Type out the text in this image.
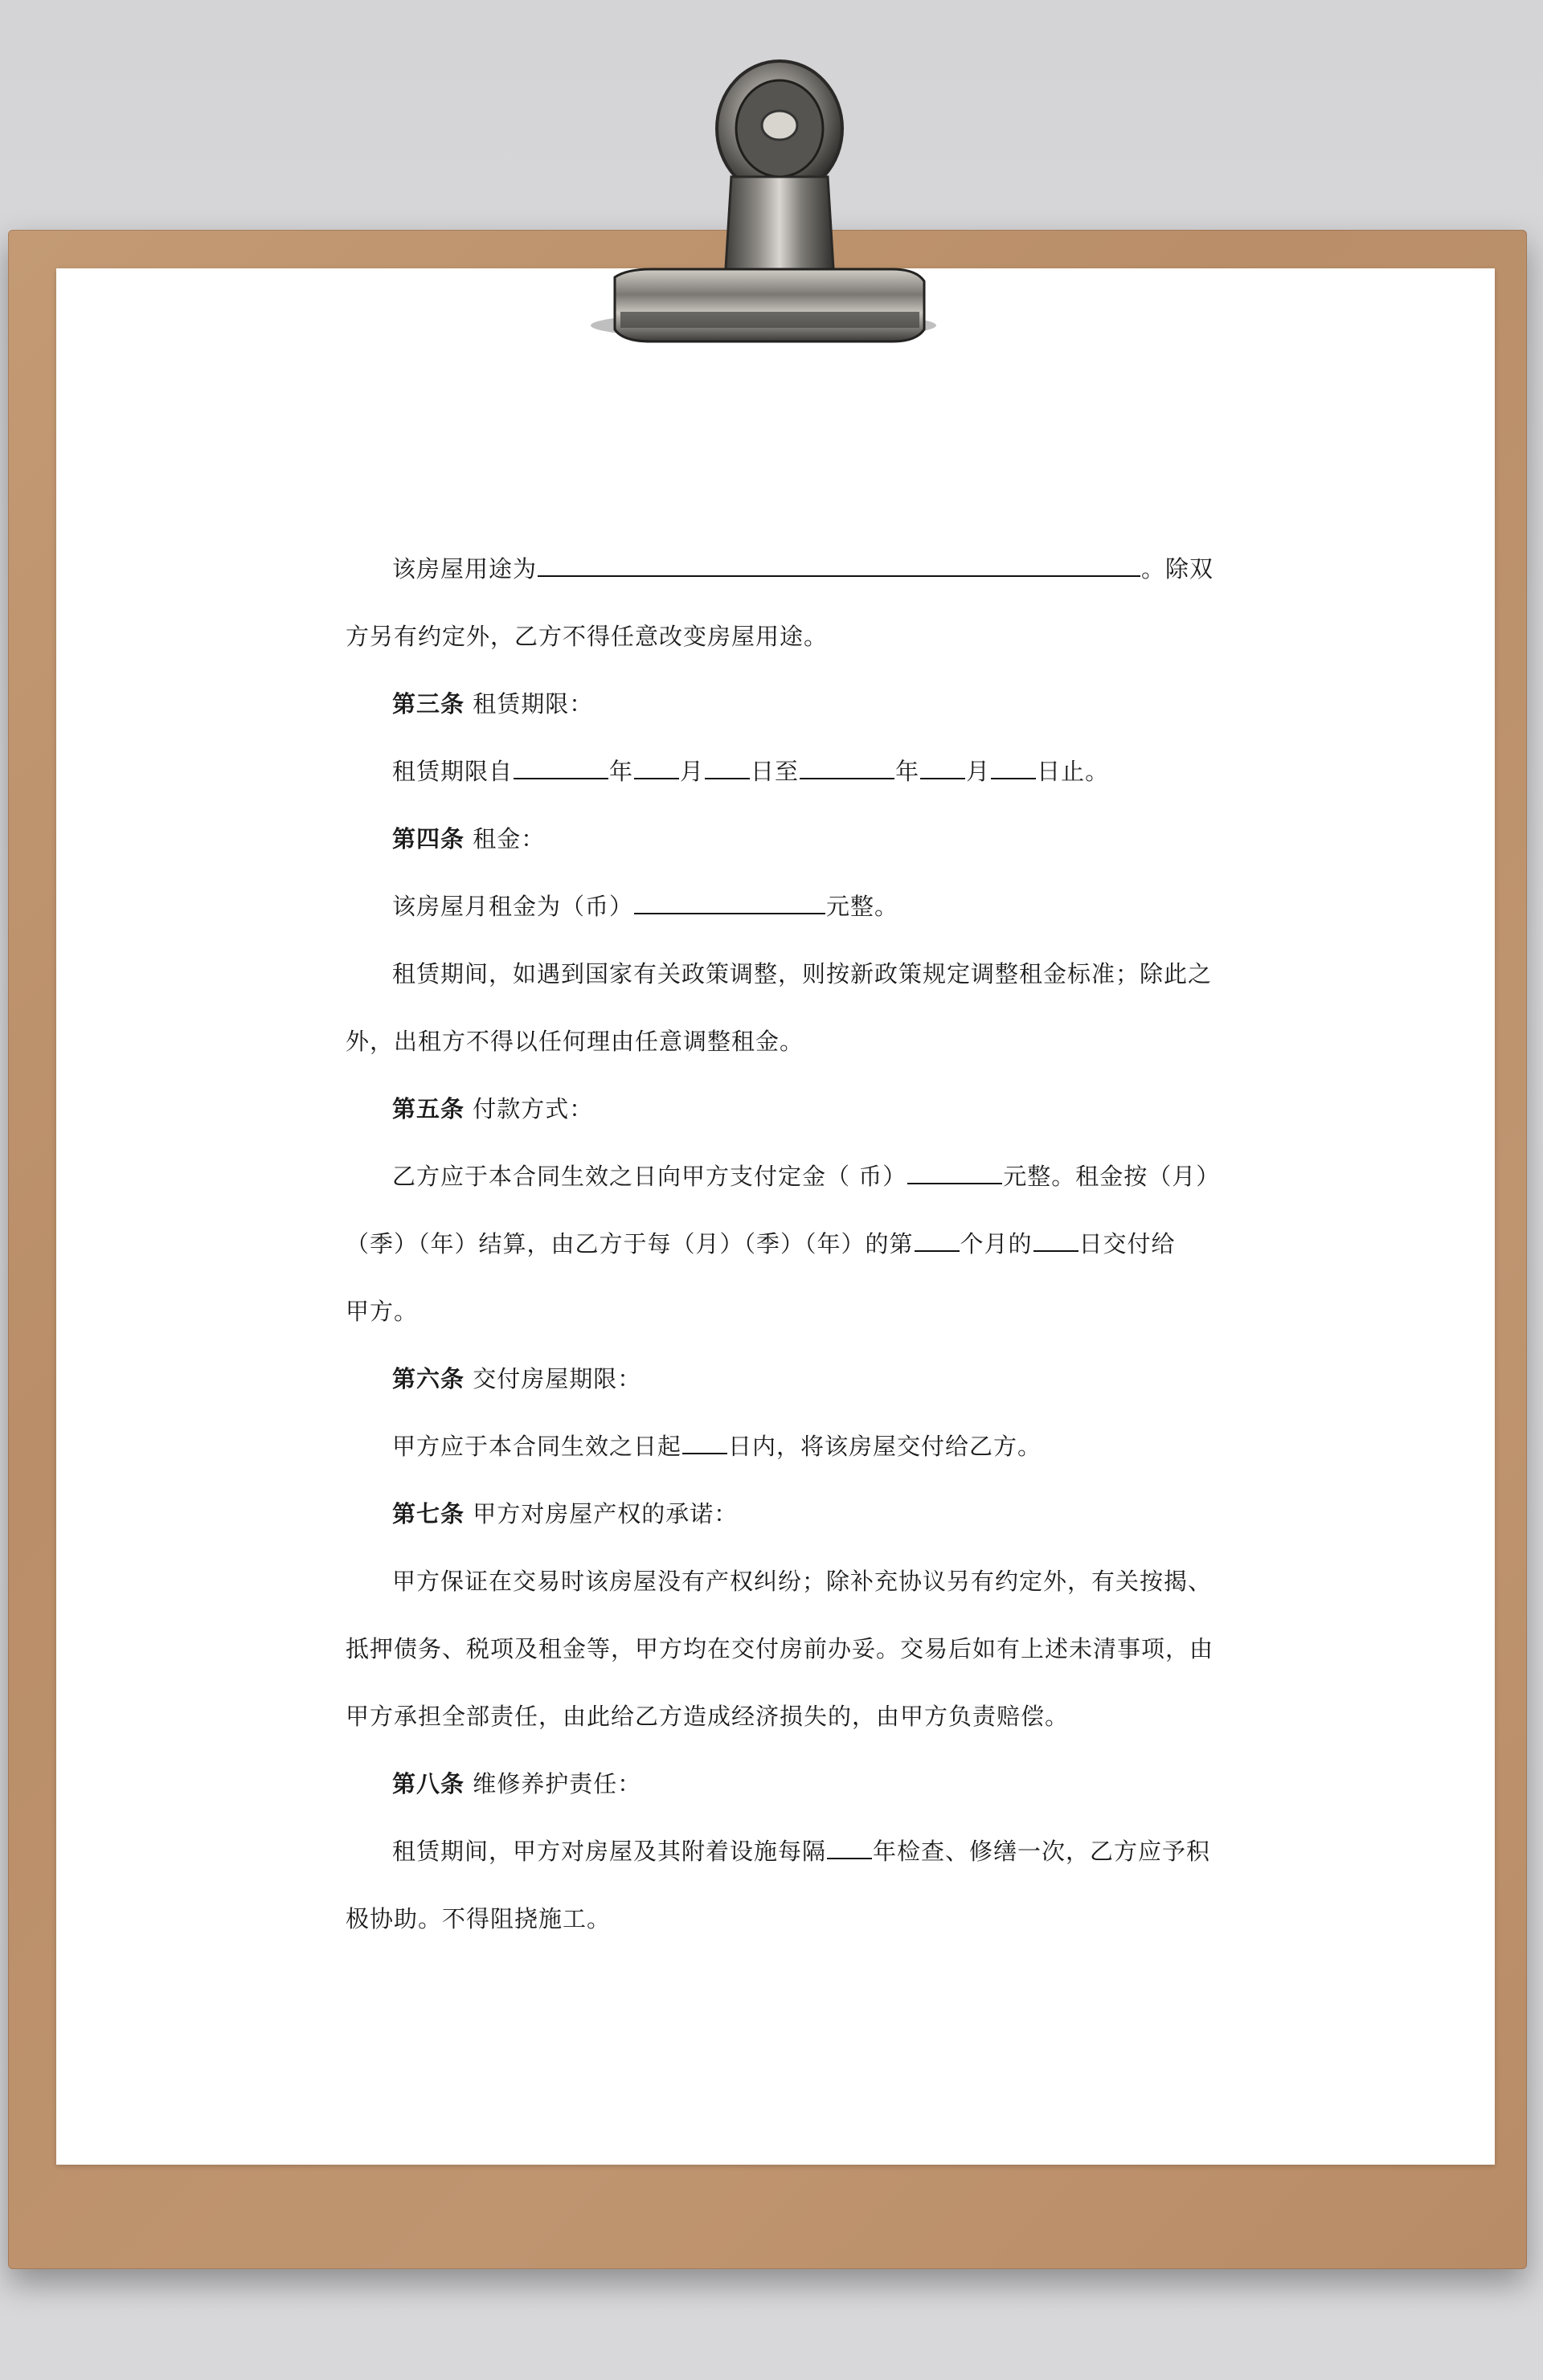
该房屋用途为	。除双
方另有约定外，乙方不得任意改变房屋用途。
第三条 租赁期限：
租赁期限自	年 月 日至	年 月 日止。
第四条 租金：
该房屋月租金为（币）	元整。
租赁期间，如遇到国家有关政策调整，则按新政策规定调整租金标准；除此之
外，出租方不得以任何理由任意调整租金。
第五条 付款方式：
乙方应于本合同生效之日向甲方支付定金（ 币）	元整。租金按（月）
（季）（年）结算，由乙方于每（月）（季）（年）的第 个月的 日交付给
甲方。
第六条 交付房屋期限：
甲方应于本合同生效之日起 日内，将该房屋交付给乙方。
第七条 甲方对房屋产权的承诺：
甲方保证在交易时该房屋没有产权纠纷；除补充协议另有约定外，有关按揭、
抵押债务、税项及租金等，甲方均在交付房前办妥。交易后如有上述未清事项，由
甲方承担全部责任，由此给乙方造成经济损失的，由甲方负责赔偿。
第八条 维修养护责任：
租赁期间，甲方对房屋及其附着设施每隔 年检查、修缮一次，乙方应予积
极协助。不得阻挠施工。
